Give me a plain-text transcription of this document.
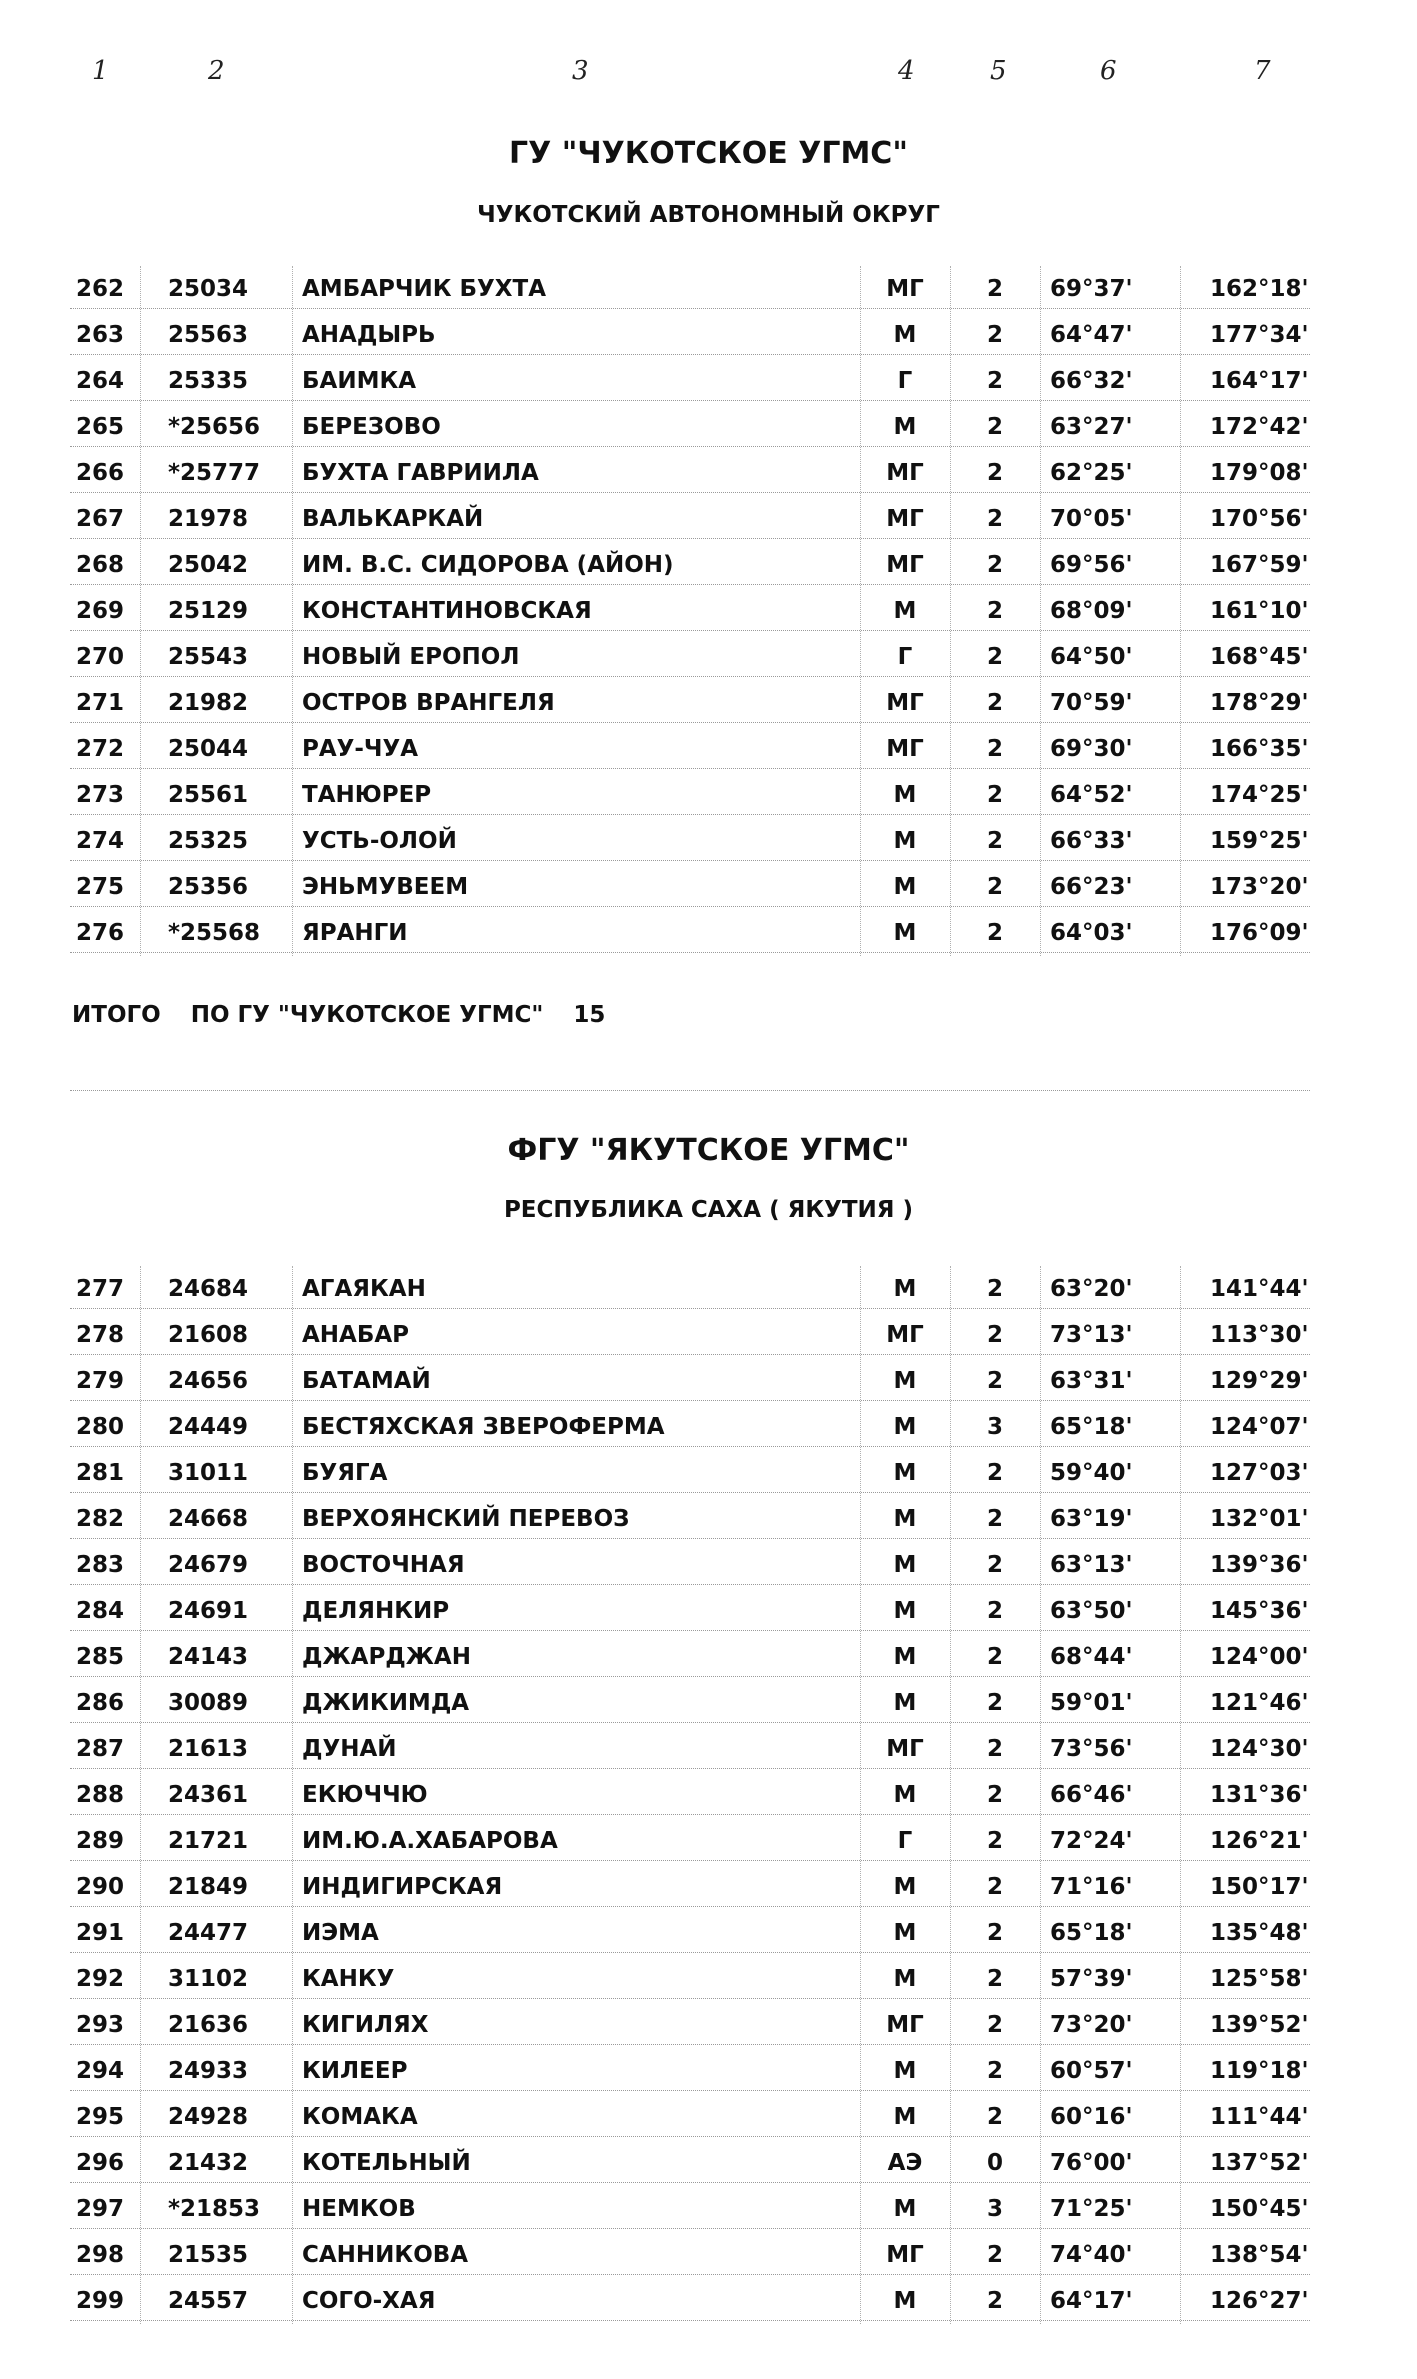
1	2	3	4	5	6	7
ГУ "ЧУКОТСКОЕ УГМС"
ЧУКОТСКИЙ АВТОНОМНЫЙ ОКРУГ
262 25034 АМБАРЧИК БУХТА	МГ	2	69°37'	162°18'
263 25563 АНАДЫРЬ	М	2	64°47'	177°34'
264 25335 БАИМКА	Г	2	66°32'	164°17'
265 *25656 БЕРЕЗОВО	М	2	63°27'	172°42'
266 *25777 БУХТА ГАВРИИЛА	МГ	2	62°25'	179°08'
267 21978 ВАЛЬКАРКАЙ	МГ	2	70°05'	170°56'
268 25042 ИМ. В.С. СИДОРОВА (АЙОН)	МГ	2	69°56'	167°59'
269 25129 КОНСТАНТИНОВСКАЯ	М	2	68°09'	161°10'
270 25543 НОВЫЙ ЕРОПОЛ	Г	2	64°50'	168°45'
271 21982 ОСТРОВ ВРАНГЕЛЯ	МГ	2	70°59'	178°29'
272 25044 РАУ-ЧУА	МГ	2	69°30'	166°35'
273 25561 ТАНЮРЕР	М	2	64°52'	174°25'
274 25325 УСТЬ-ОЛОЙ	М	2	66°33'	159°25'
275 25356 ЭНЬМУВЕЕМ	М	2	66°23'	173°20'
276 *25568 ЯРАНГИ	М	2	64°03'	176°09'
ИТОГО ПО ГУ "ЧУКОТСКОЕ УГМС" 15
ФГУ "ЯКУТСКОЕ УГМС"
РЕСПУБЛИКА САХА ( ЯКУТИЯ )
277 24684 АГАЯКАН	М	2	63°20'	141°44'
278 21608 АНАБАР	МГ	2	73°13'	113°30'
279 24656 БАТАМАЙ	М	2	63°31'	129°29'
280 24449 БЕСТЯХСКАЯ ЗВЕРОФЕРМА	М	3	65°18'	124°07'
281 31011 БУЯГА	М	2	59°40'	127°03'
282 24668 ВЕРХОЯНСКИЙ ПЕРЕВОЗ	М	2	63°19'	132°01'
283 24679 ВОСТОЧНАЯ	М	2	63°13'	139°36'
284 24691 ДЕЛЯНКИР	М	2	63°50'	145°36'
285 24143 ДЖАРДЖАН	М	2	68°44'	124°00'
286 30089 ДЖИКИМДА	М	2	59°01'	121°46'
287 21613 ДУНАЙ	МГ	2	73°56'	124°30'
288 24361 ЕКЮЧЧЮ	М	2	66°46'	131°36'
289 21721 ИМ.Ю.А.ХАБАРОВА	Г	2	72°24'	126°21'
290 21849 ИНДИГИРСКАЯ	М	2	71°16'	150°17'
291 24477 ИЭМА	М	2	65°18'	135°48'
292 31102 КАНКУ	М	2	57°39'	125°58'
293 21636 КИГИЛЯХ	МГ	2	73°20'	139°52'
294 24933 КИЛЕЕР	М	2	60°57'	119°18'
295 24928 КОМАКА	М	2	60°16'	111°44'
296 21432 КОТЕЛЬНЫЙ	АЭ	0	76°00'	137°52'
297 *21853 НЕМКОВ	М	3	71°25'	150°45'
298 21535 САННИКОВА	МГ	2	74°40'	138°54'
299 24557 СОГО-ХАЯ	М	2	64°17'	126°27'
